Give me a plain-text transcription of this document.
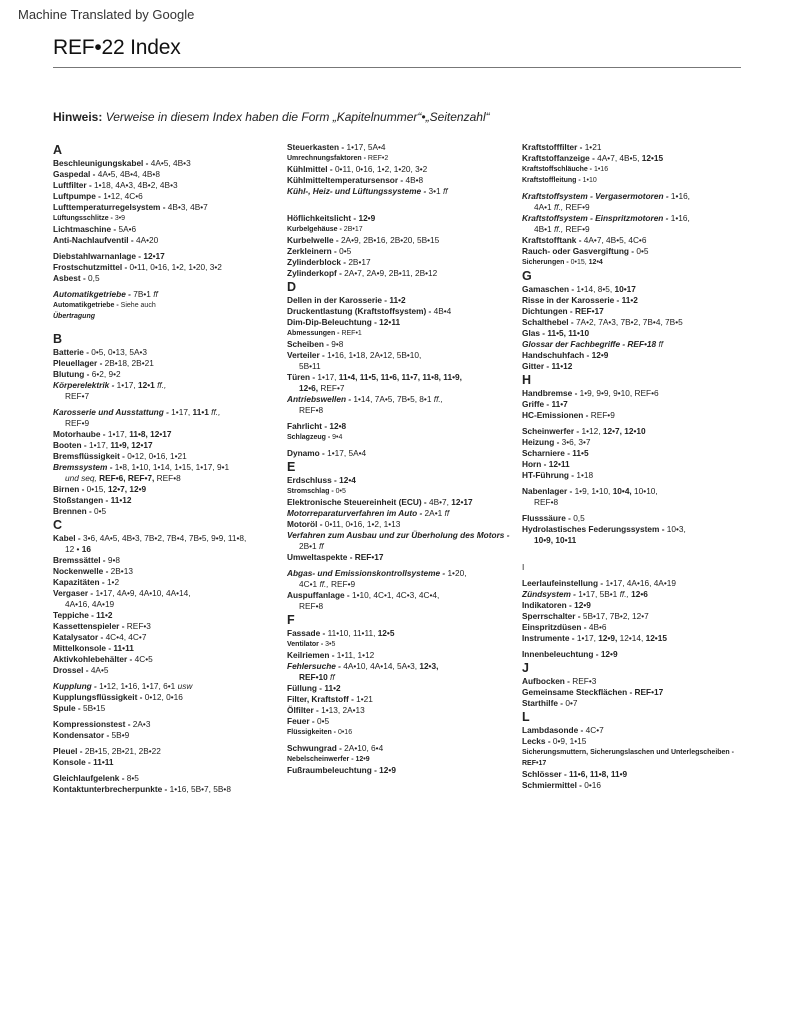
Machine Translated by Google
REF•22 Index
Hinweis: Verweise in diesem Index haben die Form „Kapitelnummer“•„Seitenzahl“
A
Beschleunigungskabel - 4A•5, 4B•3
Gaspedal - 4A•5, 4B•4, 4B•8
Luftfilter - 1•18, 4A•3, 4B•2, 4B•3
Luftpumpe - 1•12, 4C•6
Lufttemperaturregelsystem - 4B•3, 4B•7
Lüftungsschlitze - 3•9
Lichtmaschine - 5A•6
Anti-Nachlaufventil - 4A•20
Diebstahlwarnanlage - 12•17
Frostschutzmittel - 0•11, 0•16, 1•2, 1•20, 3•2
Asbest - 0,5
Automatikgetriebe - 7B•1 ff
Automatikgetriebe - Siehe auch
Übertragung
B
Batterie - 0•5, 0•13, 5A•3
Pleuellager - 2B•18, 2B•21
Blutung - 6•2, 9•2
Körperelektrik - 1•17, 12•1 ff.,
REF•7
Karosserie und Ausstattung - 1•17, 11•1 ff.,
REF•9
Motorhaube - 1•17, 11•8, 12•17
Booten - 1•17, 11•9, 12•17
Bremsflüssigkeit - 0•12, 0•16, 1•21
Bremssystem - 1•8, 1•10, 1•14, 1•15, 1•17, 9•1
und seq, REF•6, REF•7, REF•8
Birnen - 0•15, 12•7, 12•9
Stoßstangen - 11•12
Brennen - 0•5
C
Kabel - 3•6, 4A•5, 4B•3, 7B•2, 7B•4, 7B•5, 9•9, 11•8,
12 • 16
Bremssättel - 9•8
Nockenwelle - 2B•13
Kapazitäten - 1•2
Vergaser - 1•17, 4A•9, 4A•10, 4A•14,
4A•16, 4A•19
Teppiche - 11•2
Kassettenspieler - REF•3
Katalysator - 4C•4, 4C•7
Mittelkonsole - 11•11
Aktivkohlebehälter - 4C•5
Drossel - 4A•5
Kupplung - 1•12, 1•16, 1•17, 6•1 usw
Kupplungsflüssigkeit - 0•12, 0•16
Spule - 5B•15
Kompressionstest - 2A•3
Kondensator - 5B•9
Pleuel - 2B•15, 2B•21, 2B•22
Konsole - 11•11
Gleichlaufgelenk - 8•5
Kontaktunterbrecherpunkte - 1•16, 5B•7, 5B•8
Steuerkasten - 1•17, 5A•4
Umrechnungsfaktoren - REF•2
Kühlmittel - 0•11, 0•16, 1•2, 1•20, 3•2
Kühlmitteltemperatursensor - 4B•8
Kühl-, Heiz- und Lüftungssysteme - 3•1 ff
Höflichkeitslicht - 12•9
Kurbelgehäuse - 2B•17
Kurbelwelle - 2A•9, 2B•16, 2B•20, 5B•15
Zerkleinern - 0•5
Zylinderblock - 2B•17
Zylinderkopf - 2A•7, 2A•9, 2B•11, 2B•12
D
Dellen in der Karosserie - 11•2
Druckentlastung (Kraftstoffsystem) - 4B•4
Dim-Dip-Beleuchtung - 12•11
Abmessungen - REF•1
Scheiben - 9•8
Verteiler - 1•16, 1•18, 2A•12, 5B•10,
5B•11
Türen - 1•17, 11•4, 11•5, 11•6, 11•7, 11•8, 11•9,
12•6, REF•7
Antriebswellen - 1•14, 7A•5, 7B•5, 8•1 ff.,
REF•8
Fahrlicht - 12•8
Schlagzeug - 9•4
Dynamo - 1•17, 5A•4
E
Erdschluss - 12•4
Stromschlag - 0•5
Elektronische Steuereinheit (ECU) - 4B•7, 12•17
Motorreparaturverfahren im Auto - 2A•1 ff
Motoröl - 0•11, 0•16, 1•2, 1•13
Verfahren zum Ausbau und zur Überholung des Motors -
2B•1 ff
Umweltaspekte - REF•17
Abgas- und Emissionskontrollsysteme - 1•20,
4C•1 ff., REF•9
Auspuffanlage - 1•10, 4C•1, 4C•3, 4C•4,
REF•8
F
Fassade - 11•10, 11•11, 12•5
Ventilator - 3•5
Keilriemen - 1•11, 1•12
Fehlersuche - 4A•10, 4A•14, 5A•3, 12•3,
REF•10 ff
Füllung - 11•2
Filter, Kraftstoff - 1•21
Ölfilter - 1•13, 2A•13
Feuer - 0•5
Flüssigkeiten - 0•16
Schwungrad - 2A•10, 6•4
Nebelscheinwerfer - 12•9
Fußraumbeleuchtung - 12•9
Kraftstofffilter - 1•21
Kraftstoffanzeige - 4A•7, 4B•5, 12•15
Kraftstoffschläuche - 1•16
Kraftstoffleitung - 1•10
Kraftstoffsystem - Vergasermotoren - 1•16,
4A•1 ff., REF•9
Kraftstoffsystem - Einspritzmotoren - 1•16,
4B•1 ff., REF•9
Kraftstofftank - 4A•7, 4B•5, 4C•6
Rauch- oder Gasvergiftung - 0•5
Sicherungen - 0•15, 12•4
G
Gamaschen - 1•14, 8•5, 10•17
Risse in der Karosserie - 11•2
Dichtungen - REF•17
Schalthebel - 7A•2, 7A•3, 7B•2, 7B•4, 7B•5
Glas - 11•5, 11•10
Glossar der Fachbegriffe - REF•18 ff
Handschuhfach - 12•9
Gitter - 11•12
H
Handbremse - 1•9, 9•9, 9•10, REF•6
Griffe - 11•7
HC-Emissionen - REF•9
Scheinwerfer - 1•12, 12•7, 12•10
Heizung - 3•6, 3•7
Scharniere - 11•5
Horn - 12•11
HT-Führung - 1•18
Nabenlager - 1•9, 1•10, 10•4, 10•10,
REF•8
Flusssäure - 0,5
Hydrolastisches Federungssystem - 10•3,
10•9, 10•11
I
Leerlaufeinstellung - 1•17, 4A•16, 4A•19
Zündsystem - 1•17, 5B•1 ff., 12•6
Indikatoren - 12•9
Sperrschalter - 5B•17, 7B•2, 12•7
Einspritzdüsen - 4B•6
Instrumente - 1•17, 12•9, 12•14, 12•15
Innenbeleuchtung - 12•9
J
Aufbocken - REF•3
Gemeinsame Steckflächen - REF•17
Starthilfe - 0•7
L
Lambdasonde - 4C•7
Lecks - 0•9, 1•15
Sicherungsmuttern, Sicherungslaschen und Unterlegscheiben - REF•17
Schlösser - 11•6, 11•8, 11•9
Schmiermittel - 0•16
